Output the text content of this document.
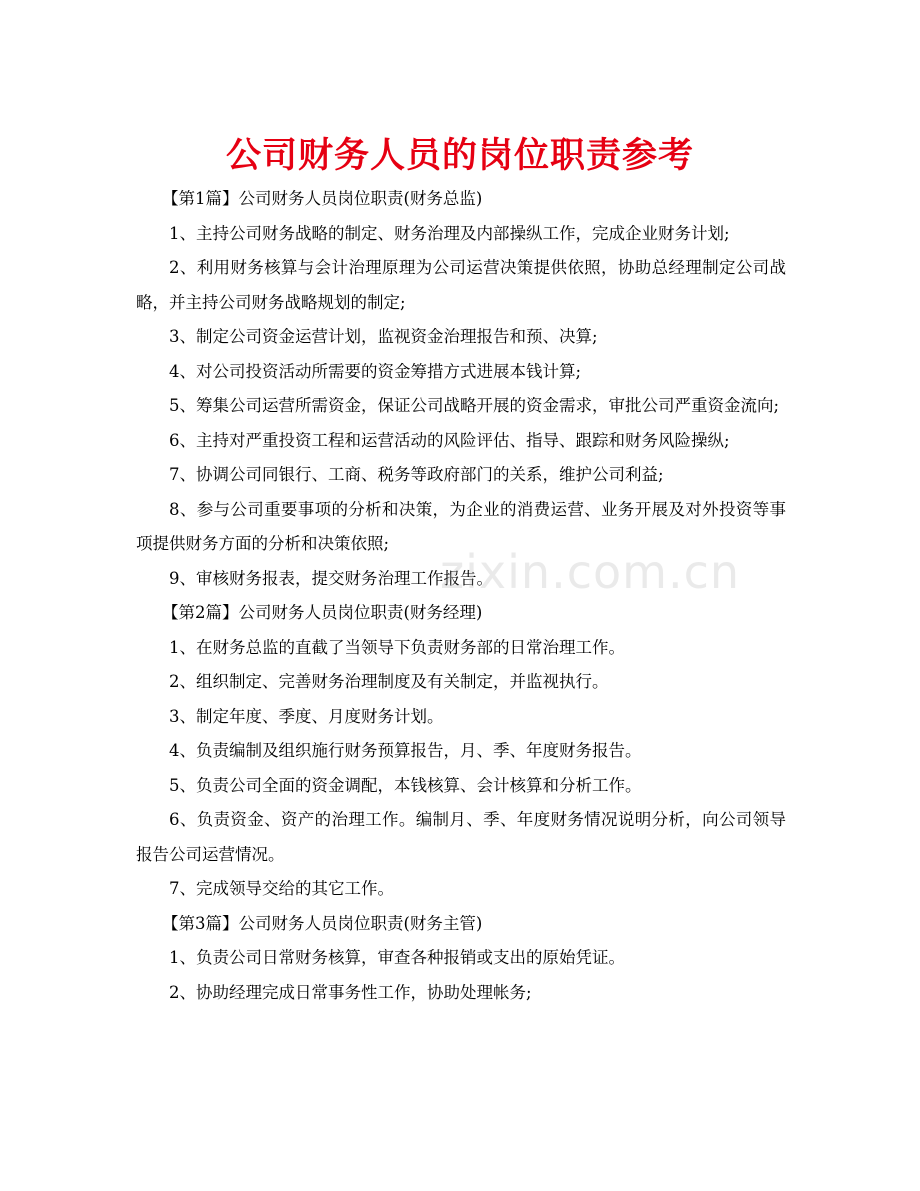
公司财务人员的岗位职责参考

【第1篇】公司财务人员岗位职责(财务总监)

1、主持公司财务战略的制定、财务治理及内部操纵工作，完成企业财务计划;

2、利用财务核算与会计治理原理为公司运营决策提供依照，协助总经理制定公司战略，并主持公司财务战略规划的制定;

3、制定公司资金运营计划，监视资金治理报告和预、决算;

4、对公司投资活动所需要的资金筹措方式进展本钱计算;

5、筹集公司运营所需资金，保证公司战略开展的资金需求，审批公司严重资金流向;

6、主持对严重投资工程和运营活动的风险评估、指导、跟踪和财务风险操纵;

7、协调公司同银行、工商、税务等政府部门的关系，维护公司利益;

8、参与公司重要事项的分析和决策，为企业的消费运营、业务开展及对外投资等事项提供财务方面的分析和决策依照;

9、审核财务报表，提交财务治理工作报告。

【第2篇】公司财务人员岗位职责(财务经理)

1、在财务总监的直截了当领导下负责财务部的日常治理工作。

2、组织制定、完善财务治理制度及有关制定，并监视执行。

3、制定年度、季度、月度财务计划。

4、负责编制及组织施行财务预算报告，月、季、年度财务报告。

5、负责公司全面的资金调配，本钱核算、会计核算和分析工作。

6、负责资金、资产的治理工作。编制月、季、年度财务情况说明分析，向公司领导报告公司运营情况。

7、完成领导交给的其它工作。

【第3篇】公司财务人员岗位职责(财务主管)

1、负责公司日常财务核算，审查各种报销或支出的原始凭证。

2、协助经理完成日常事务性工作，协助处理帐务;

zixin.com.cn
